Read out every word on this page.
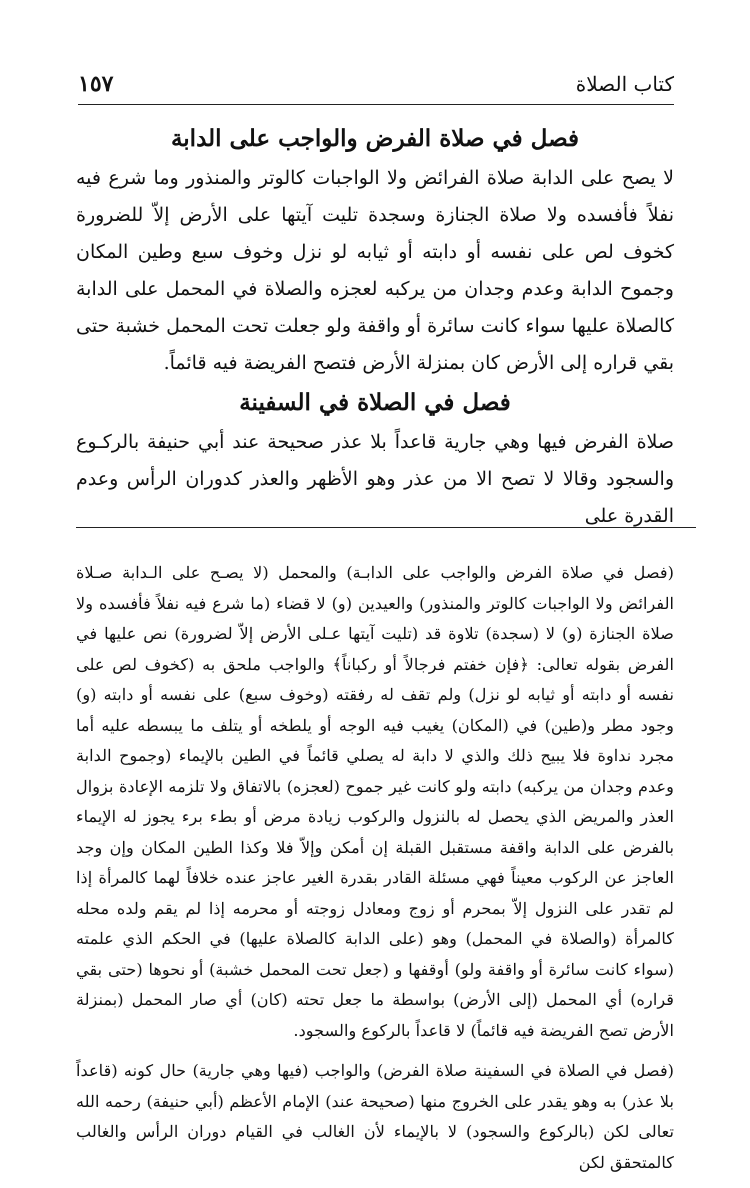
كتاب الصلاة
١٥٧
فصل في صلاة الفرض والواجب على الدابة

لا يصح على الدابة صلاة الفرائض ولا الواجبات كالوتر والمنذور وما شرع فيه نفلاً فأفسده ولا صلاة الجنازة وسجدة تليت آيتها على الأرض إلاّ للضرورة كخوف لص على نفسه أو دابته أو ثيابه لو نزل وخوف سبع وطين المكان وجموح الدابة وعدم وجدان من يركبه لعجزه والصلاة في المحمل على الدابة كالصلاة عليها سواء كانت سائرة أو واقفة ولو جعلت تحت المحمل خشبة حتى بقي قراره إلى الأرض كان بمنزلة الأرض فتصح الفريضة فيه قائماً.

فصل في الصلاة في السفينة

صلاة الفرض فيها وهي جارية قاعداً بلا عذر صحيحة عند أبي حنيفة بالركـوع والسجود وقالا لا تصح الا من عذر وهو الأظهر والعذر كدوران الرأس وعدم القدرة على

(فصل في صلاة الفرض والواجب على الدابـة) والمحمل (لا يصـح على الـدابة صـلاة الفرائض ولا الواجبات كالوتر والمنذور) والعيدين (و) لا قضاء (ما شرع فيه نفلاً فأفسده ولا صلاة الجنازة (و) لا (سجدة) تلاوة قد (تليت آيتها عـلى الأرض إلاّ لضرورة) نص عليها في الفرض بقوله تعالى: ﴿فإن خفتم فرجالاً أو ركباناً﴾ والواجب ملحق به (كخوف لص على نفسه أو دابته أو ثيابه لو نزل) ولم تقف له رفقته (وخوف سبع) على نفسه أو دابته (و) وجود مطر و(طين) في (المكان) يغيب فيه الوجه أو يلطخه أو يتلف ما يبسطه عليه أما مجرد نداوة فلا يبيح ذلك والذي لا دابة له يصلي قائماً في الطين بالإيماء (وجموح الدابة وعدم وجدان من يركبه) دابته ولو كانت غير جموح (لعجزه) بالاتفاق ولا تلزمه الإعادة بزوال العذر والمريض الذي يحصل له بالنزول والركوب زيادة مرض أو بطء برء يجوز له الإيماء بالفرض على الدابة واقفة مستقبل القبلة إن أمكن وإلاّ فلا وكذا الطين المكان وإن وجد العاجز عن الركوب معيناً فهي مسئلة القادر بقدرة الغير عاجز عنده خلافاً لهما كالمرأة إذا لم تقدر على النزول إلاّ بمحرم أو زوج ومعادل زوجته أو محرمه إذا لم يقم ولده محله كالمرأة (والصلاة في المحمل) وهو (على الدابة كالصلاة عليها) في الحكم الذي علمته (سواء كانت سائرة أو واقفة ولو) أوقفها و (جعل تحت المحمل خشبة) أو نحوها (حتى بقي قراره) أي المحمل (إلى الأرض) بواسطة ما جعل تحته (كان) أي صار المحمل (بمنزلة الأرض تصح الفريضة فيه قائماً) لا قاعداً بالركوع والسجود.

(فصل في الصلاة في السفينة صلاة الفرض) والواجب (فيها وهي جارية) حال كونه (قاعداً بلا عذر) به وهو يقدر على الخروج منها (صحيحة عند) الإمام الأعظم (أبي حنيفة) رحمه الله تعالى لكن (بالركوع والسجود) لا بالإيماء لأن الغالب في القيام دوران الرأس والغالب كالمتحقق لكن
